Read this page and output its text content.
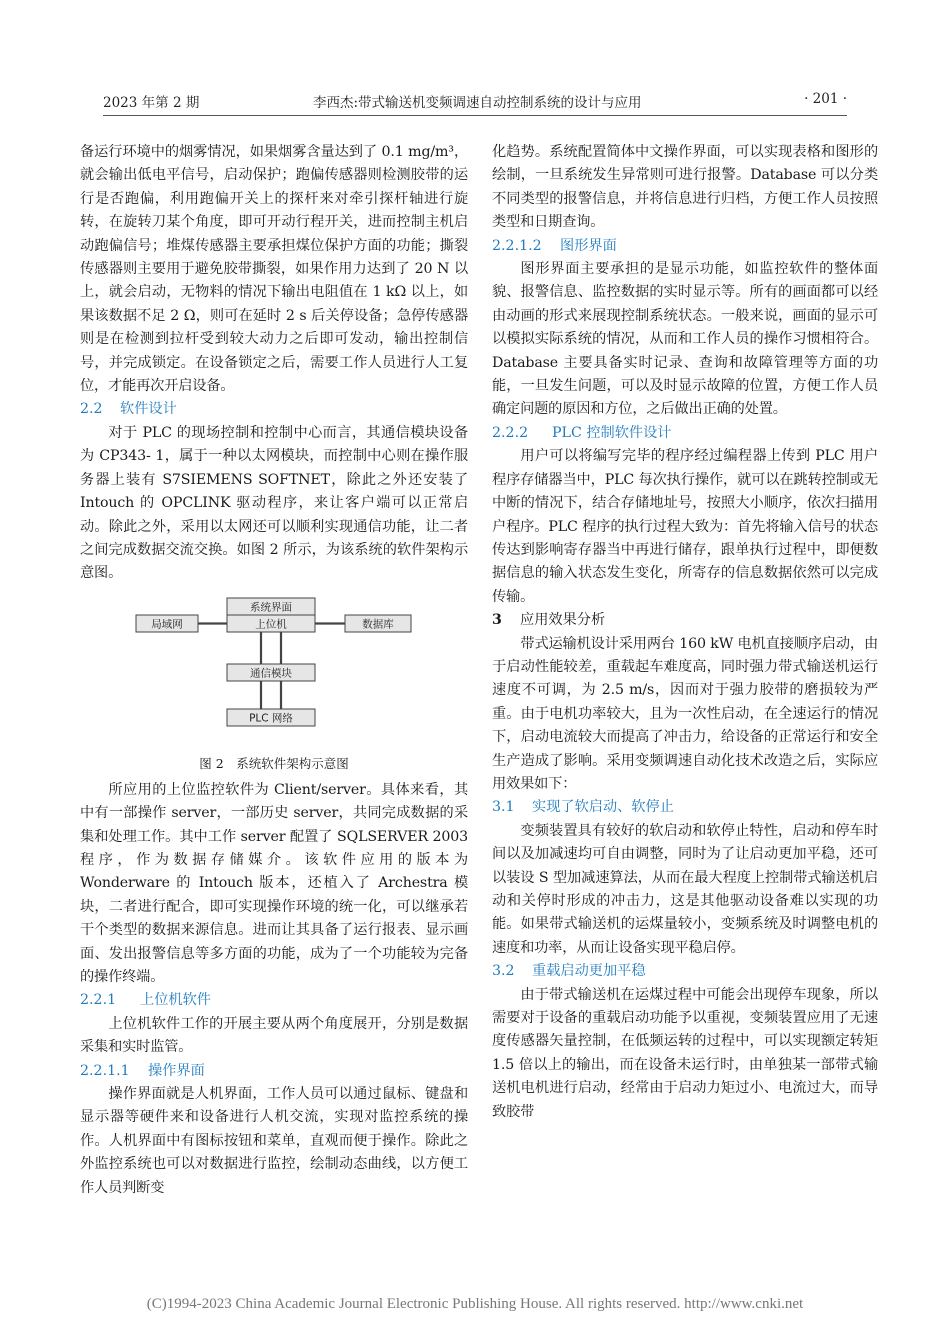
2023 年第 2 期	李西杰:带式输送机变频调速自动控制系统的设计与应用	· 201 ·

备运行环境中的烟雾情况，如果烟雾含量达到了 0.1 mg/m³，就会输出低电平信号，启动保护；跑偏传感器则检测胶带的运行是否跑偏，利用跑偏开关上的探杆来对牵引探杆轴进行旋转，在旋转刀某个角度，即可开动行程开关，进而控制主机启动跑偏信号；堆煤传感器主要承担煤位保护方面的功能；撕裂传感器则主要用于避免胶带撕裂，如果作用力达到了 20 N 以上，就会启动，无物料的情况下输出电阻值在 1 kΩ 以上，如果该数据不足 2 Ω，则可在延时 2 s 后关停设备；急停传感器则是在检测到拉杆受到较大动力之后即可发动，输出控制信号，并完成锁定。在设备锁定之后，需要工作人员进行人工复位，才能再次开启设备。

2.2 软件设计

对于 PLC 的现场控制和控制中心而言，其通信模块设备为 CP343- 1，属于一种以太网模块，而控制中心则在操作服务器上装有 S7SIEMENS SOFTNET，除此之外还安装了 Intouch 的 OPCLINK 驱动程序，来让客户端可以正常启动。除此之外，采用以太网还可以顺利实现通信功能，让二者之间完成数据交流交换。如图 2 所示，为该系统的软件架构示意图。

系统界面
上位机
局域网	数据库
通信模块
PLC 网络

图 2　系统软件架构示意图

所应用的上位监控软件为 Client/server。具体来看，其中有一部操作 server，一部历史 server，共同完成数据的采集和处理工作。其中工作 server 配置了 SQLSERVER 2003 程序，作为数据存储媒介。该软件应用的版本为 Wonderware 的 Intouch 版本，还植入了 Archestra 模块，二者进行配合，即可实现操作环境的统一化，可以继承若干个类型的数据来源信息。进而让其具备了运行报表、显示画面、发出报警信息等多方面的功能，成为了一个功能较为完备的操作终端。

2.2.1 上位机软件

上位机软件工作的开展主要从两个角度展开，分别是数据采集和实时监管。

2.2.1.1 操作界面

操作界面就是人机界面，工作人员可以通过鼠标、键盘和显示器等硬件来和设备进行人机交流，实现对监控系统的操作。人机界面中有图标按钮和菜单，直观而便于操作。除此之外监控系统也可以对数据进行监控，绘制动态曲线，以方便工作人员判断变

化趋势。系统配置简体中文操作界面，可以实现表格和图形的绘制，一旦系统发生异常则可进行报警。Database 可以分类不同类型的报警信息，并将信息进行归档，方便工作人员按照类型和日期查询。

2.2.1.2 图形界面

图形界面主要承担的是显示功能，如监控软件的整体面貌、报警信息、监控数据的实时显示等。所有的画面都可以经由动画的形式来展现控制系统状态。一般来说，画面的显示可以模拟实际系统的情况，从而和工作人员的操作习惯相符合。Database 主要具备实时记录、查询和故障管理等方面的功能，一旦发生问题，可以及时显示故障的位置，方便工作人员确定问题的原因和方位，之后做出正确的处置。

2.2.2 PLC 控制软件设计

用户可以将编写完毕的程序经过编程器上传到 PLC 用户程序存储器当中，PLC 每次执行操作，就可以在跳转控制或无中断的情况下，结合存储地址号，按照大小顺序，依次扫描用户程序。PLC 程序的执行过程大致为：首先将输入信号的状态传达到影响寄存器当中再进行储存，跟单执行过程中，即便数据信息的输入状态发生变化，所寄存的信息数据依然可以完成传输。

3 应用效果分析

带式运输机设计采用两台 160 kW 电机直接顺序启动，由于启动性能较差，重载起车难度高，同时强力带式输送机运行速度不可调，为 2.5 m/s，因而对于强力胶带的磨损较为严重。由于电机功率较大，且为一次性启动，在全速运行的情况下，启动电流较大而提高了冲击力，给设备的正常运行和安全生产造成了影响。采用变频调速自动化技术改造之后，实际应用效果如下：

3.1 实现了软启动、软停止

变频装置具有较好的软启动和软停止特性，启动和停车时间以及加减速均可自由调整，同时为了让启动更加平稳，还可以装设 S 型加减速算法，从而在最大程度上控制带式输送机启动和关停时形成的冲击力，这是其他驱动设备难以实现的功能。如果带式输送机的运煤量较小，变频系统及时调整电机的速度和功率，从而让设备实现平稳启停。

3.2 重载启动更加平稳

由于带式输送机在运煤过程中可能会出现停车现象，所以需要对于设备的重载启动功能予以重视，变频装置应用了无速度传感器矢量控制，在低频运转的过程中，可以实现额定转矩 1.5 倍以上的输出，而在设备未运行时，由单独某一部带式输送机电机进行启动，经常由于启动力矩过小、电流过大，而导致胶带

(C)1994-2023 China Academic Journal Electronic Publishing House. All rights reserved. http://www.cnki.net
